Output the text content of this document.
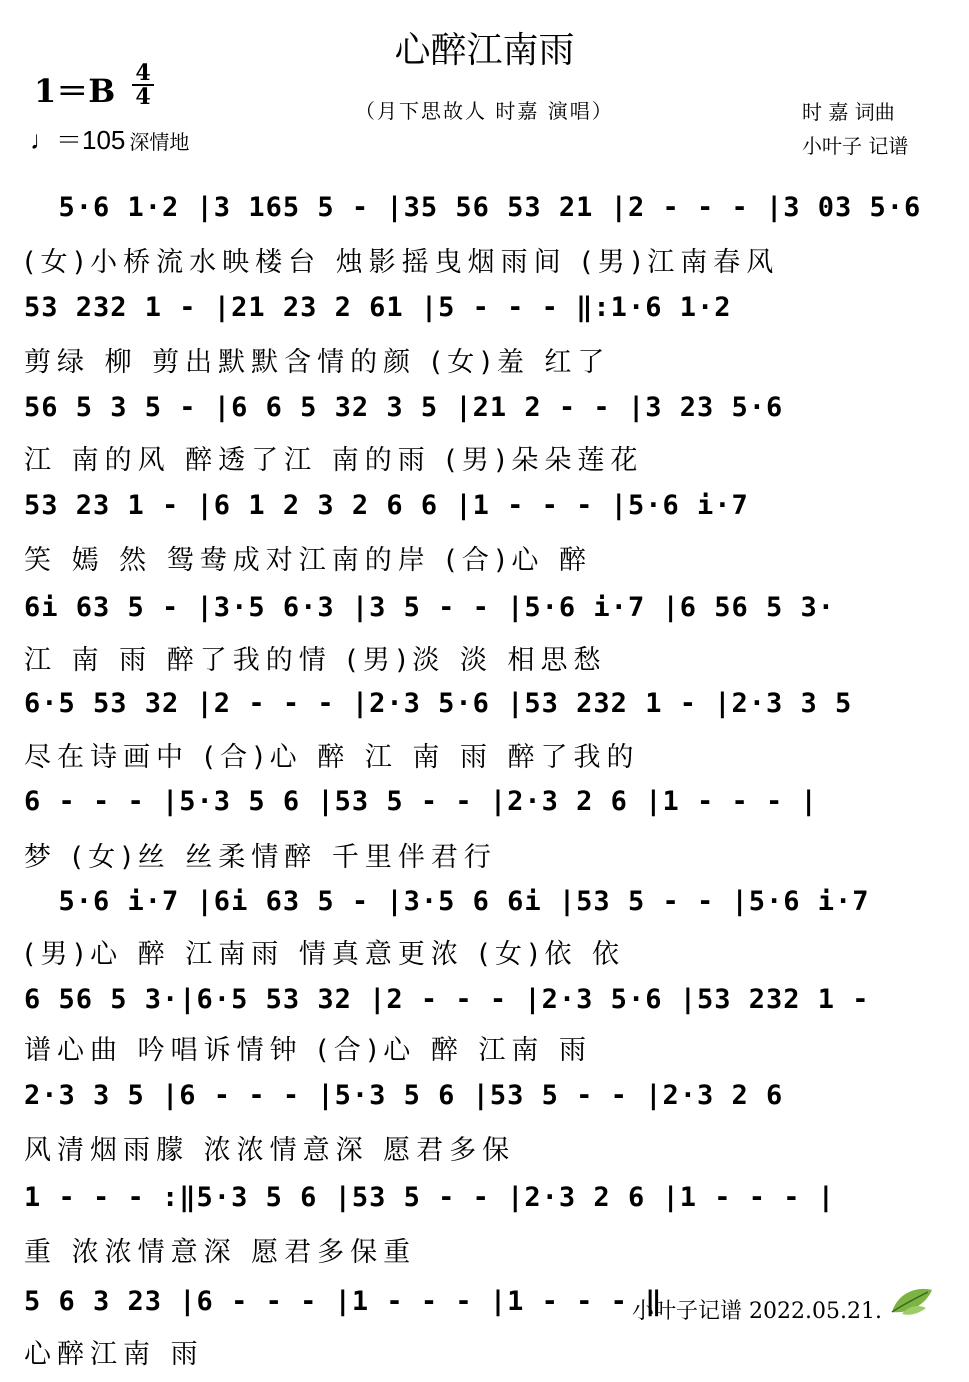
心醉江南雨
（月下思故人 时嘉 演唱）
1＝B 4
4
♩＝105 深情地
时 嘉 词曲
小叶子 记谱
5·6 1·2 |3 165 5 - |35 56 53 21 |2 - - - |3 03 5·6
(女)小桥流水映楼台 烛影摇曳烟雨间 (男)江南春风
53 232 1 - |21 23 2 61 |5 - - - ‖:1·6 1·2
剪绿 柳 剪出默默含情的颜 (女)羞 红了
56 5 3 5 - |6 6 5 32 3 5 |21 2 - - |3 23 5·6
江 南的风 醉透了江 南的雨 (男)朵朵莲花
53 23 1 - |6 1 2 3 2 6 6 |1 - - - |5·6 i·7
笑 嫣 然 鸳鸯成对江南的岸 (合)心 醉
6i 63 5 - |3·5 6·3 |3 5 - - |5·6 i·7 |6 56 5 3·
江 南 雨 醉了我的情 (男)淡 淡 相思愁
6·5 53 32 |2 - - - |2·3 5·6 |53 232 1 - |2·3 3 5
尽在诗画中 (合)心 醉 江 南 雨 醉了我的
6 - - - |5·3 5 6 |53 5 - - |2·3 2 6 |1 - - - |
梦 (女)丝 丝柔情醉 千里伴君行
5·6 i·7 |6i 63 5 - |3·5 6 6i |53 5 - - |5·6 i·7
(男)心 醉 江南雨 情真意更浓 (女)依 依
6 56 5 3·|6·5 53 32 |2 - - - |2·3 5·6 |53 232 1 -
谱心曲 吟唱诉情钟 (合)心 醉 江南 雨
2·3 3 5 |6 - - - |5·3 5 6 |53 5 - - |2·3 2 6
风清烟雨朦 浓浓情意深 愿君多保
1 - - - :‖5·3 5 6 |53 5 - - |2·3 2 6 |1 - - - |
重 浓浓情意深 愿君多保重
5 6 3 23 |6 - - - |1 - - - |1 - - - ‖
心醉江南 雨
小叶子记谱 2022.05.21.
